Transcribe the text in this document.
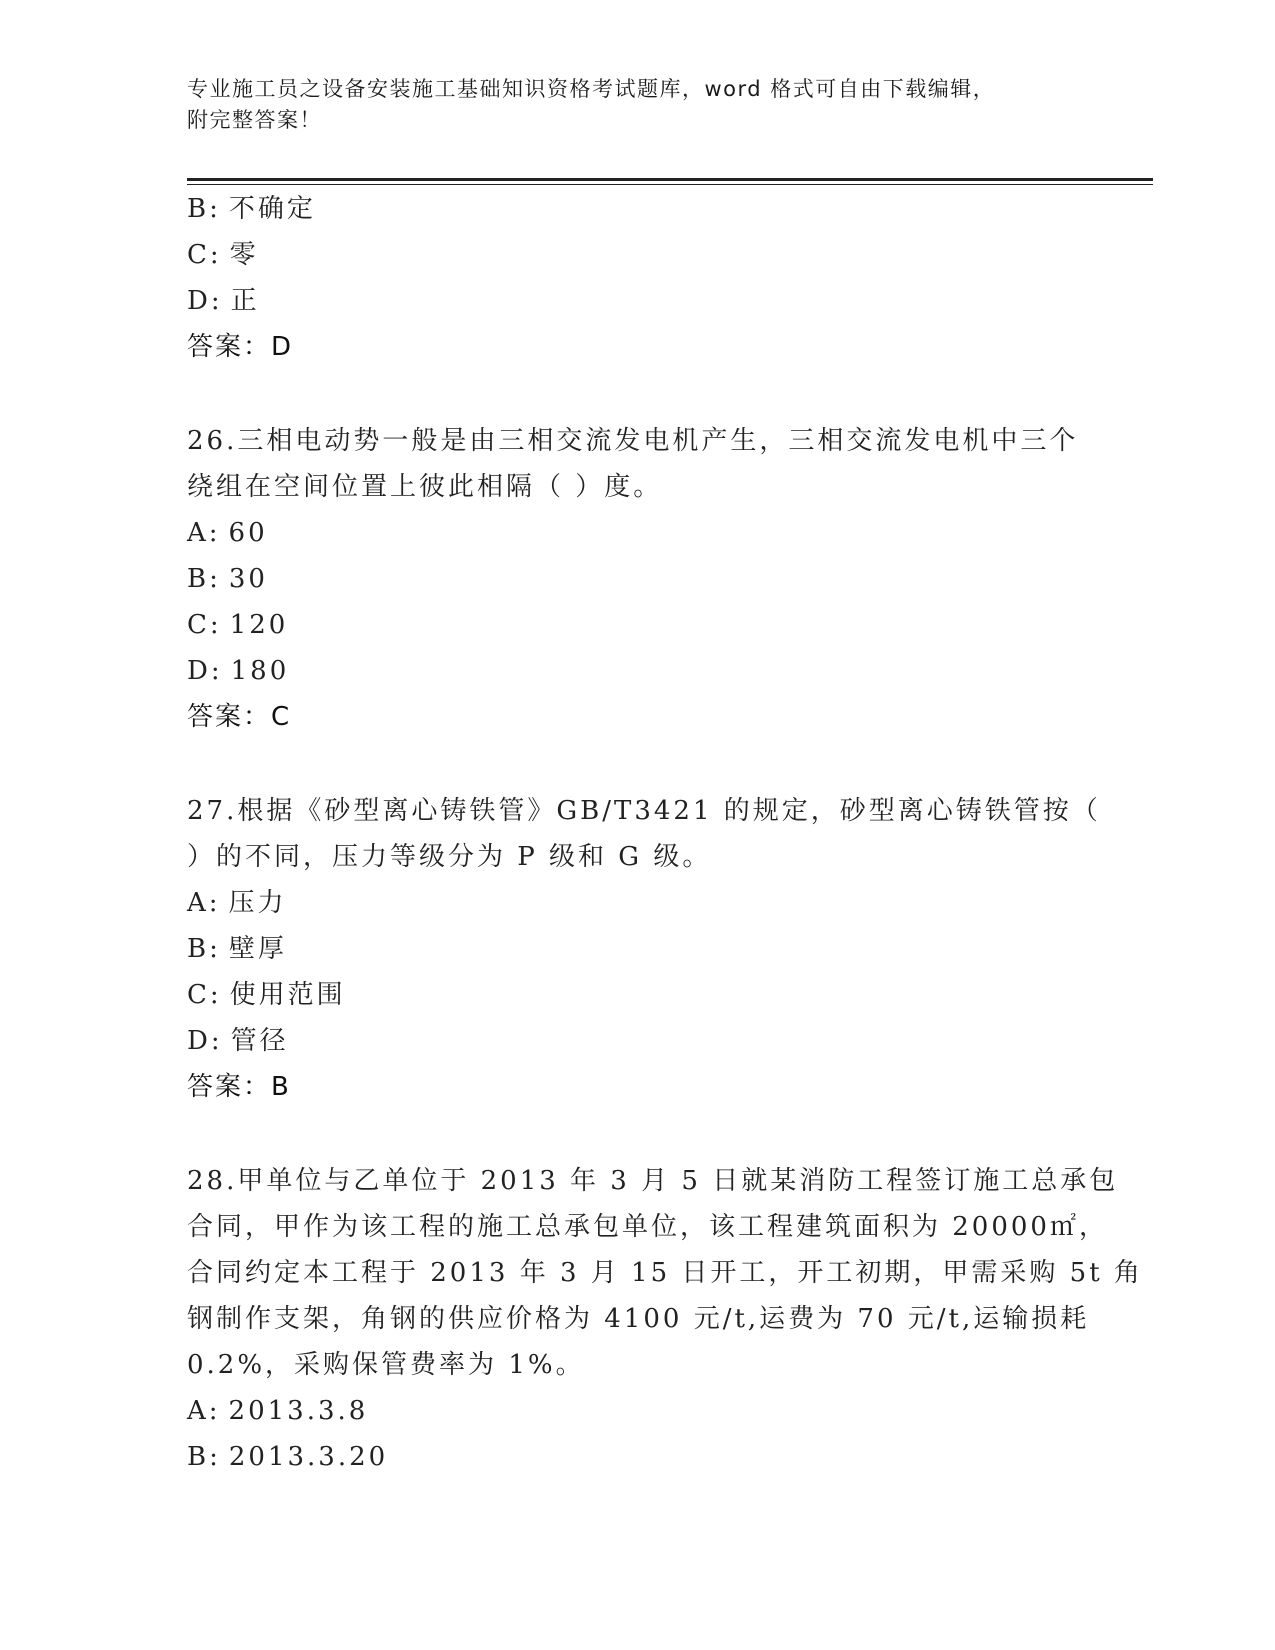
专业施工员之设备安装施工基础知识资格考试题库，word 格式可自由下载编辑，
附完整答案！
B: 不确定
C: 零
D: 正
答案：D
26.三相电动势一般是由三相交流发电机产生，三相交流发电机中三个
绕组在空间位置上彼此相隔（ ）度。
A: 60
B: 30
C: 120
D: 180
答案：C
27.根据《砂型离心铸铁管》GB/T3421 的规定，砂型离心铸铁管按（
）的不同，压力等级分为 P 级和 G 级。
A: 压力
B: 壁厚
C: 使用范围
D: 管径
答案：B
28.甲单位与乙单位于 2013 年 3 月 5 日就某消防工程签订施工总承包
合同，甲作为该工程的施工总承包单位，该工程建筑面积为 20000㎡，
合同约定本工程于 2013 年 3 月 15 日开工，开工初期，甲需采购 5t 角
钢制作支架，角钢的供应价格为 4100 元/t,运费为 70 元/t,运输损耗
0.2%，采购保管费率为 1%。
A: 2013.3.8
B: 2013.3.20
